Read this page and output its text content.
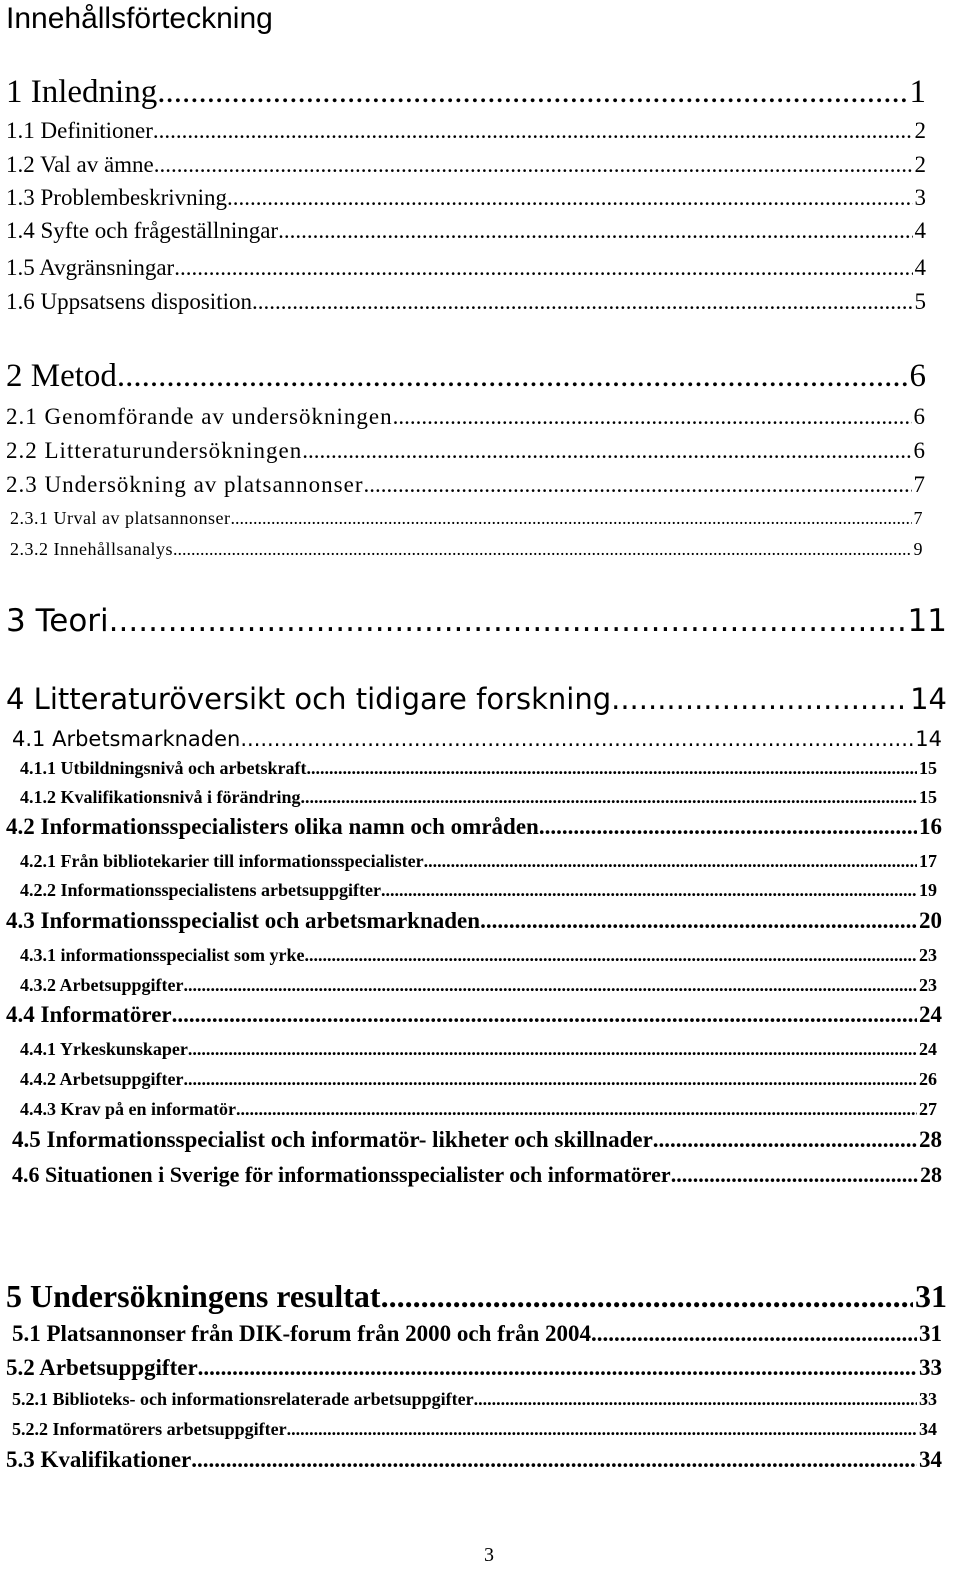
Innehållsförteckning
1 Inledning .....	1
1.1 Definitioner .....	2
1.2 Val av ämne .....	2
1.3 Problembeskrivning .....	3
1.4 Syfte och frågeställningar .....	4
1.5 Avgränsningar .....	4
1.6 Uppsatsens disposition .....	5
2 Metod .....	6
2.1 Genomförande av undersökningen .....	6
2.2 Litteraturundersökningen .....	6
2.3 Undersökning av platsannonser .....	7
2.3.1 Urval av platsannonser .....	7
2.3.2 Innehållsanalys .....	9
3 Teori .....	11
4 Litteraturöversikt och tidigare forskning .....	14
4.1 Arbetsmarknaden .....	14
4.1.1 Utbildningsnivå och arbetskraft .....	15
4.1.2 Kvalifikationsnivå i förändring .....	15
4.2 Informationsspecialisters olika namn och områden .....	16
4.2.1 Från bibliotekarier till informationsspecialister .....	17
4.2.2 Informationsspecialistens arbetsuppgifter .....	19
4.3 Informationsspecialist och arbetsmarknaden .....	20
4.3.1 informationsspecialist som yrke .....	23
4.3.2 Arbetsuppgifter .....	23
4.4 Informatörer .....	24
4.4.1 Yrkeskunskaper .....	24
4.4.2 Arbetsuppgifter .....	26
4.4.3 Krav på en informatör .....	27
4.5 Informationsspecialist och informatör- likheter och skillnader .....	28
4.6 Situationen i Sverige för informationsspecialister och informatörer .....	28
5 Undersökningens resultat .....	31
5.1 Platsannonser från DIK-forum från 2000 och från 2004 .....	31
5.2 Arbetsuppgifter .....	33
5.2.1 Biblioteks- och informationsrelaterade arbetsuppgifter .....	33
5.2.2 Informatörers arbetsuppgifter .....	34
5.3 Kvalifikationer .....	34
3
